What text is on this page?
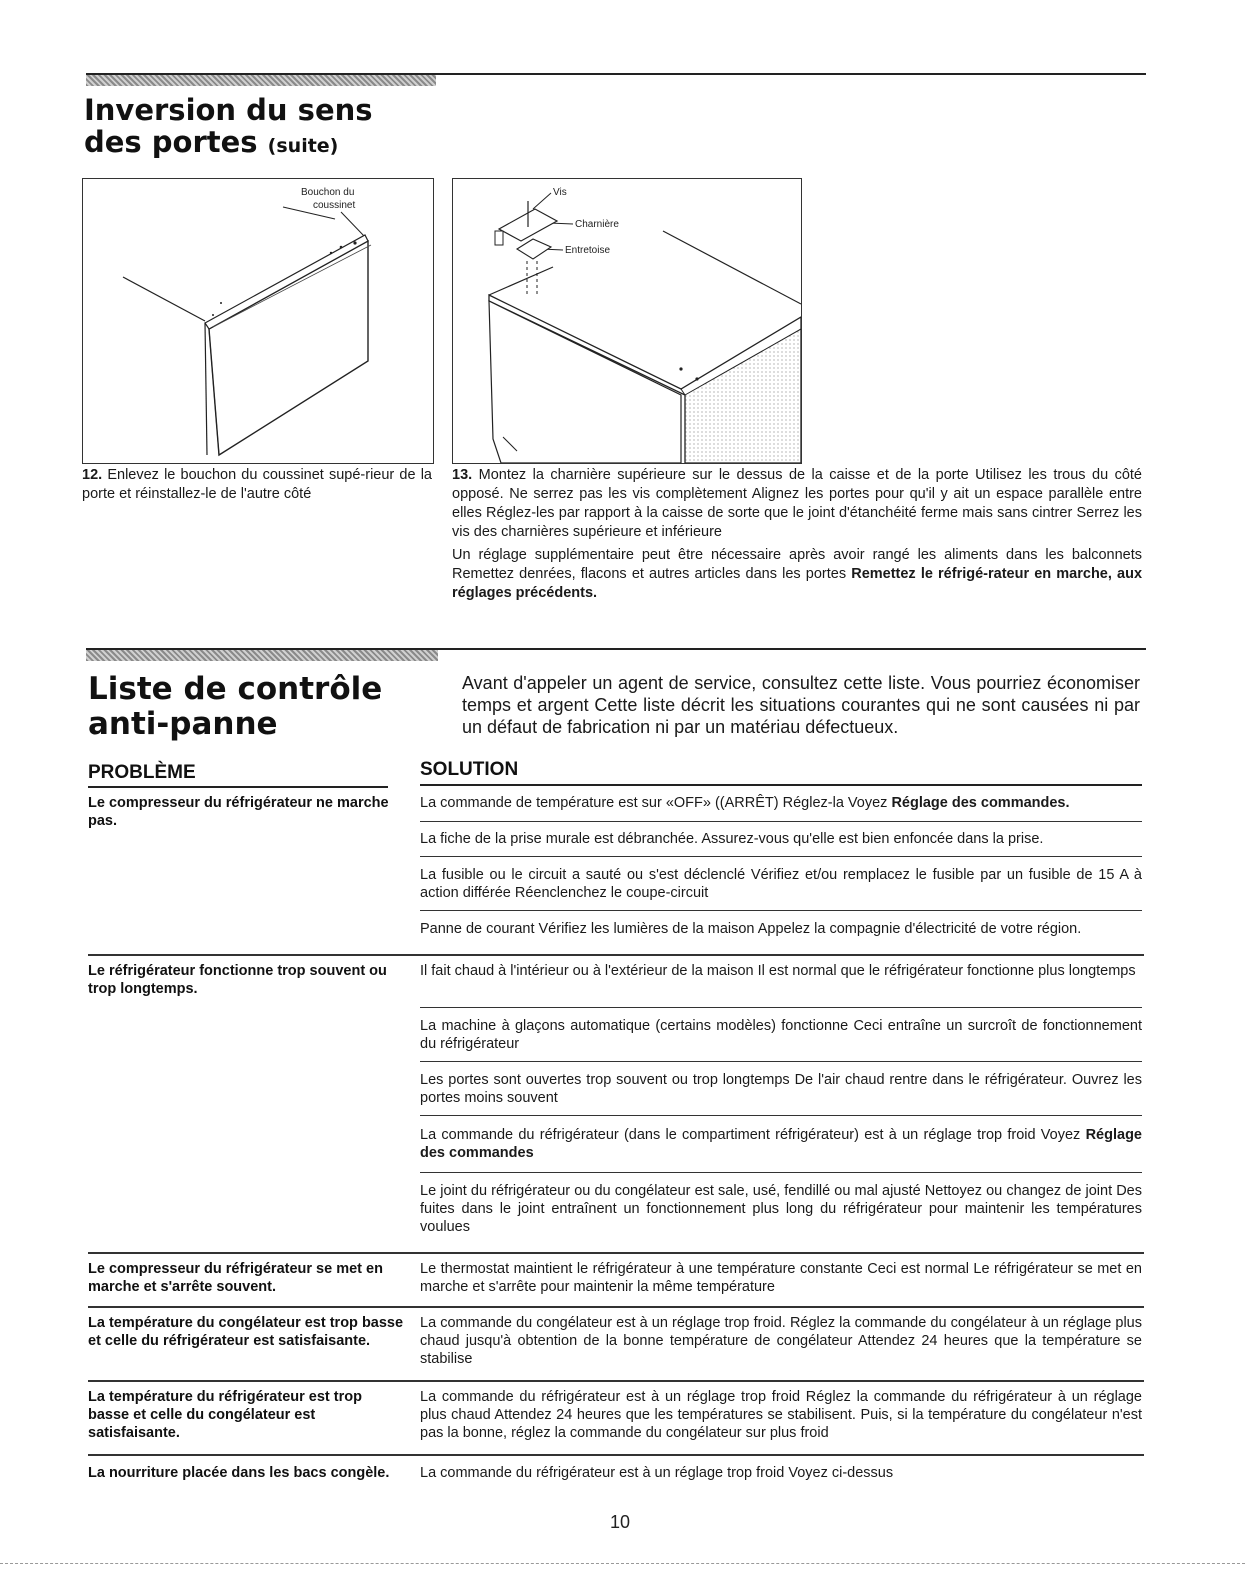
Inversion du sens
des portes (suite)
Bouchon du
coussinet
Vis
Charnière
Entretoise
12. Enlevez le bouchon du coussinet supé-rieur de la porte et réinstallez-le de l'autre côté
13. Montez la charnière supérieure sur le dessus de la caisse et de la porte Utilisez les trous du côté opposé. Ne serrez pas les vis complètement Alignez les portes pour qu'il y ait un espace parallèle entre elles Réglez-les par rapport à la caisse de sorte que le joint d'étanchéité ferme mais sans cintrer Serrez les vis des charnières supérieure et inférieure
Un réglage supplémentaire peut être nécessaire après avoir rangé les aliments dans les balconnets Remettez denrées, flacons et autres articles dans les portes Remettez le réfrigé-rateur en marche, aux réglages précédents.
Liste de contrôle
anti-panne
Avant d'appeler un agent de service, consultez cette liste. Vous pourriez économiser temps et argent Cette liste décrit les situations courantes qui ne sont causées ni par un défaut de fabrication ni par un matériau défectueux.
PROBLÈME	SOLUTION
Le compresseur du réfrigérateur ne marche pas.
La commande de température est sur «OFF» ((ARRÊT) Réglez-la Voyez Réglage des commandes.
La fiche de la prise murale est débranchée. Assurez-vous qu'elle est bien enfoncée dans la prise.
La fusible ou le circuit a sauté ou s'est déclenclé Vérifiez et/ou remplacez le fusible par un fusible de 15 A à action différée Réenclenchez le coupe-circuit
Panne de courant Vérifiez les lumières de la maison Appelez la compagnie d'électricité de votre région.
Le réfrigérateur fonctionne trop souvent ou trop longtemps.
Il fait chaud à l'intérieur ou à l'extérieur de la maison Il est normal que le réfrigérateur fonctionne plus longtemps
La machine à glaçons automatique (certains modèles) fonctionne Ceci entraîne un surcroît de fonctionnement du réfrigérateur
Les portes sont ouvertes trop souvent ou trop longtemps De l'air chaud rentre dans le réfrigérateur. Ouvrez les portes moins souvent
La commande du réfrigérateur (dans le compartiment réfrigérateur) est à un réglage trop froid Voyez Réglage des commandes
Le joint du réfrigérateur ou du congélateur est sale, usé, fendillé ou mal ajusté Nettoyez ou changez de joint Des fuites dans le joint entraînent un fonctionnement plus long du réfrigérateur pour maintenir les températures voulues
Le compresseur du réfrigérateur se met en marche et s'arrête souvent.
Le thermostat maintient le réfrigérateur à une température constante Ceci est normal Le réfrigérateur se met en marche et s'arrête pour maintenir la même température
La température du congélateur est trop basse et celle du réfrigérateur est satisfaisante.
La commande du congélateur est à un réglage trop froid. Réglez la commande du congélateur à un réglage plus chaud jusqu'à obtention de la bonne température de congélateur Attendez 24 heures que la température se stabilise
La température du réfrigérateur est trop basse et celle du congélateur est satisfaisante.
La commande du réfrigérateur est à un réglage trop froid Réglez la commande du réfrigérateur à un réglage plus chaud Attendez 24 heures que les températures se stabilisent. Puis, si la température du congélateur n'est pas la bonne, réglez la commande du congélateur sur plus froid
La nourriture placée dans les bacs congèle.	La commande du réfrigérateur est à un réglage trop froid Voyez ci-dessus
10
